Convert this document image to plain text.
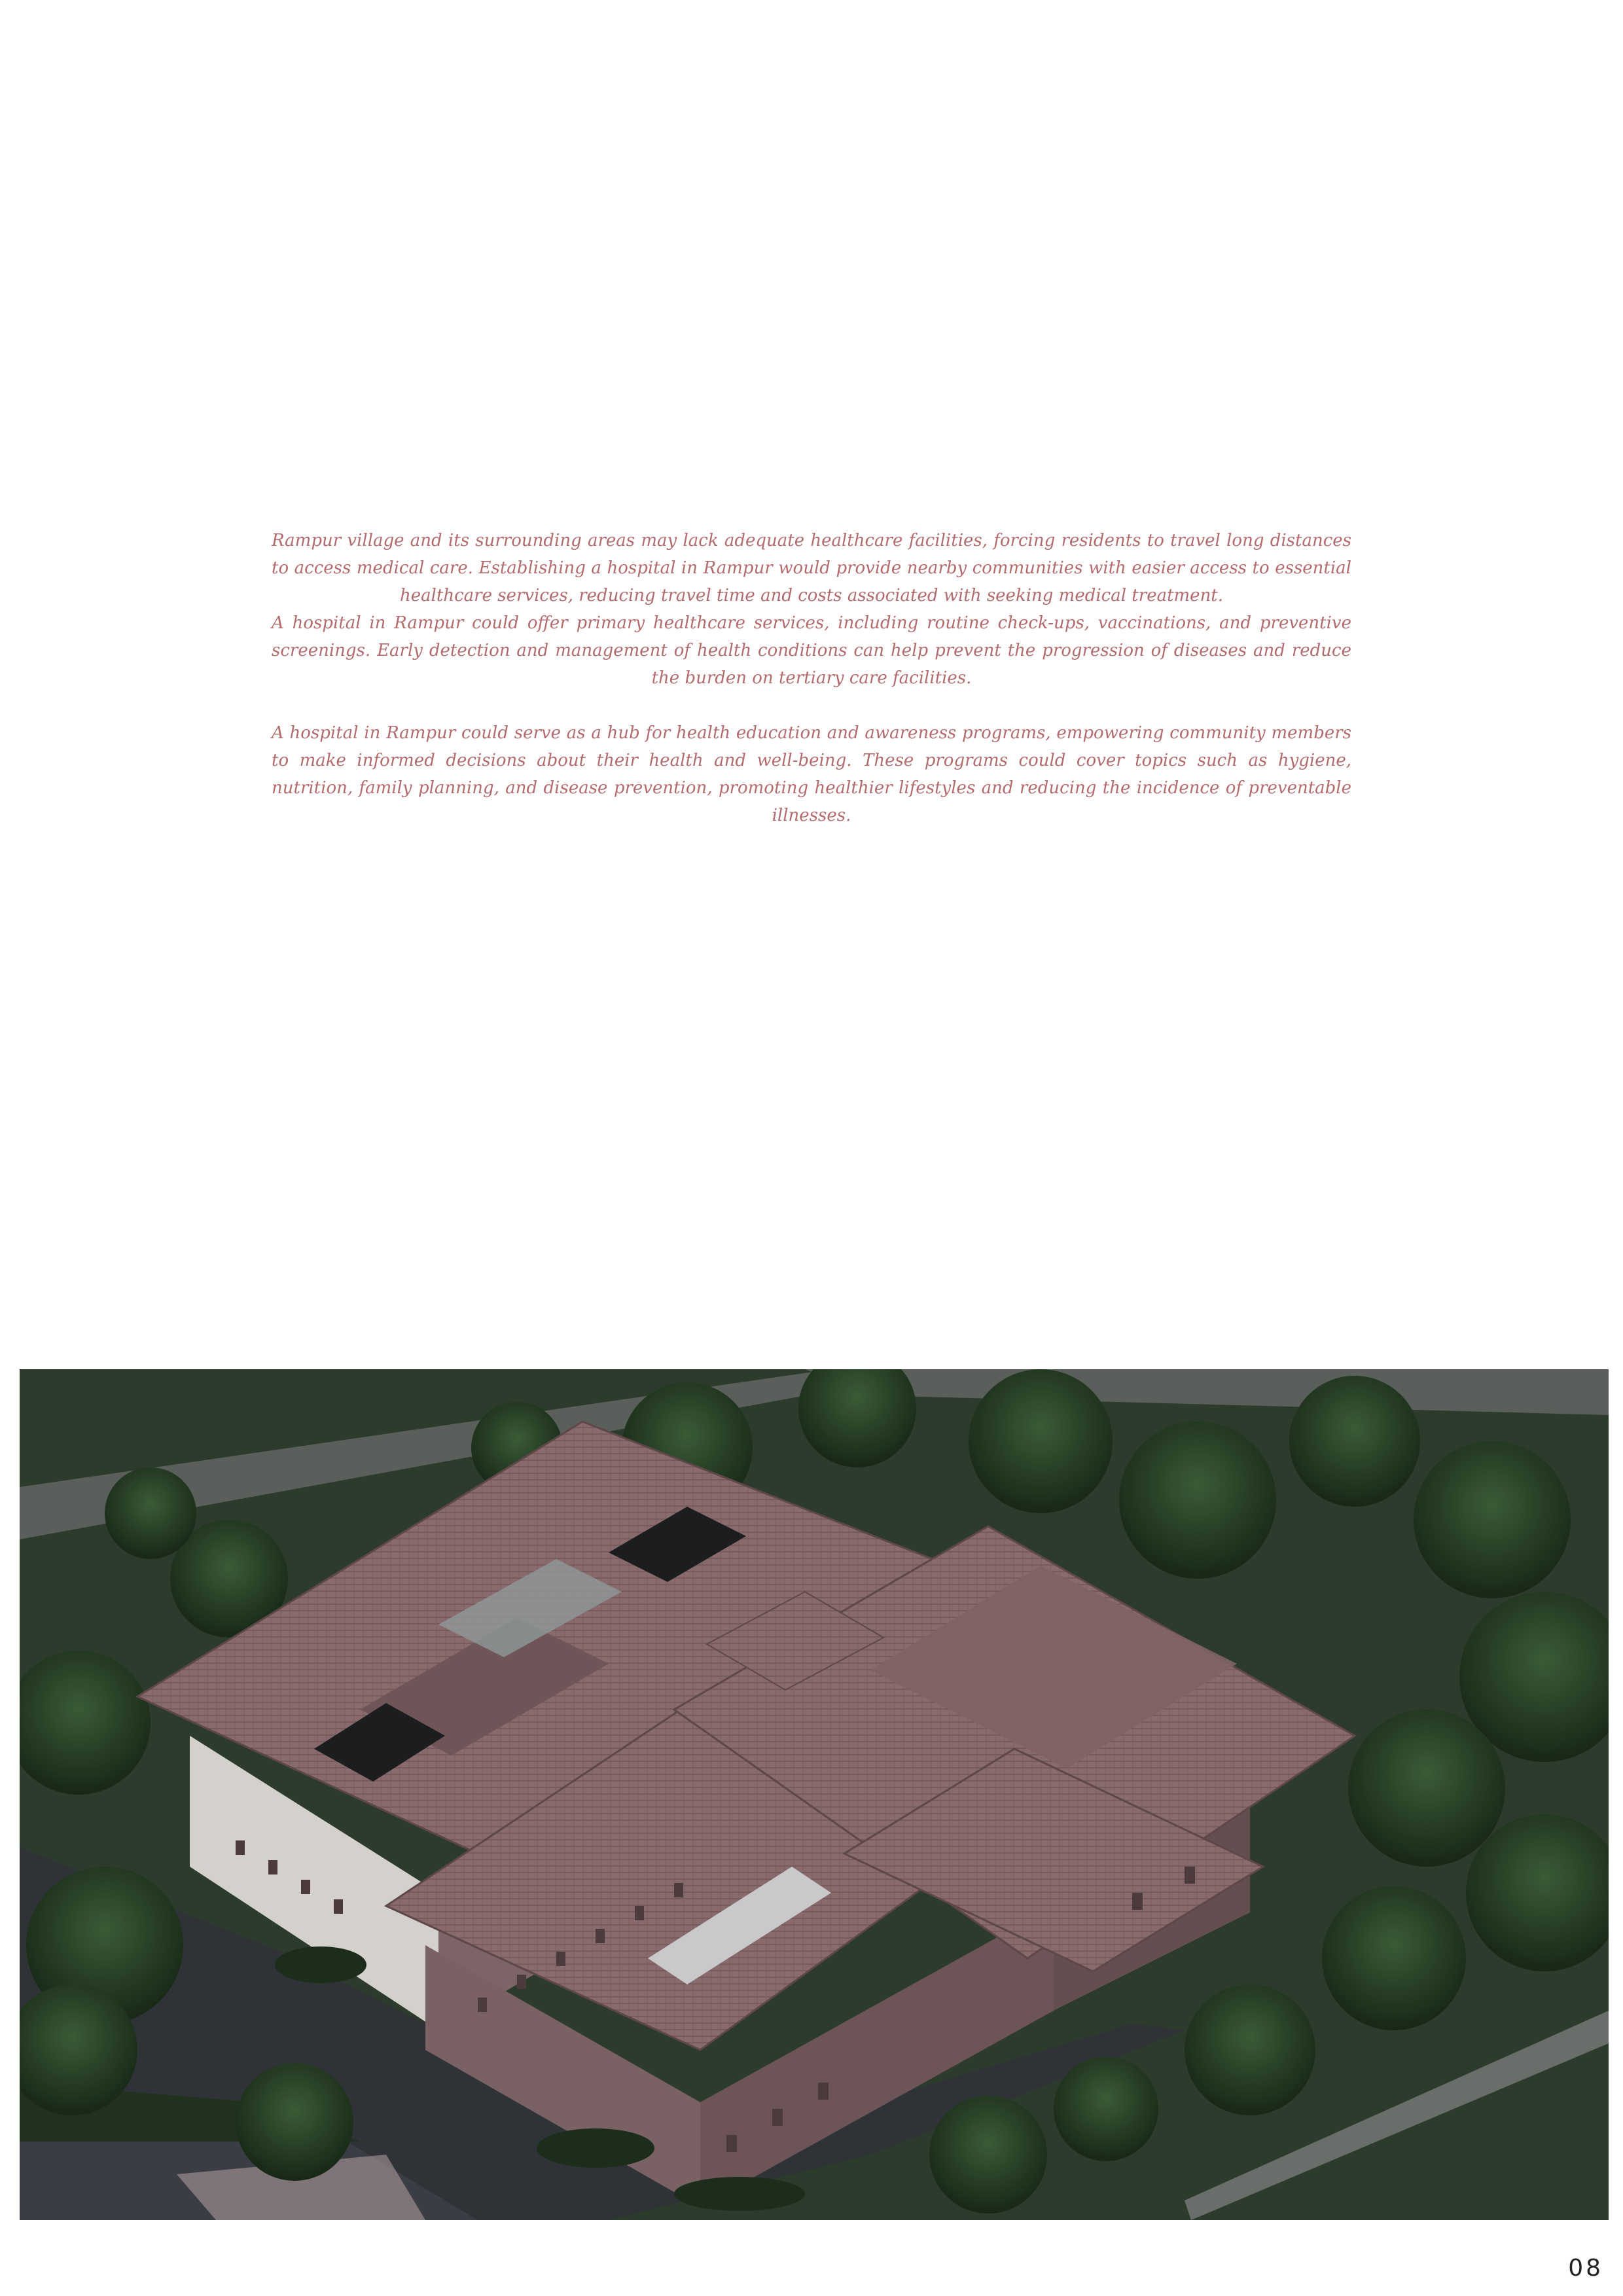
Rampur village and its surrounding areas may lack adequate healthcare facilities, forcing residents to travel long distances to access medical care. Establishing a hospital in Rampur would provide nearby communities with easier access to essential healthcare services, reducing travel time and costs associated with seeking medical treatment.

A hospital in Rampur could offer primary healthcare services, including routine check-ups, vaccinations, and preventive screenings. Early detection and management of health conditions can help prevent the progression of diseases and reduce the burden on tertiary care facilities.

A hospital in Rampur could serve as a hub for health education and awareness programs, empowering community members to make informed decisions about their health and well-being. These programs could cover topics such as hygiene, nutrition, family planning, and disease prevention, promoting healthier lifestyles and reducing the incidence of preventable illnesses.

08
